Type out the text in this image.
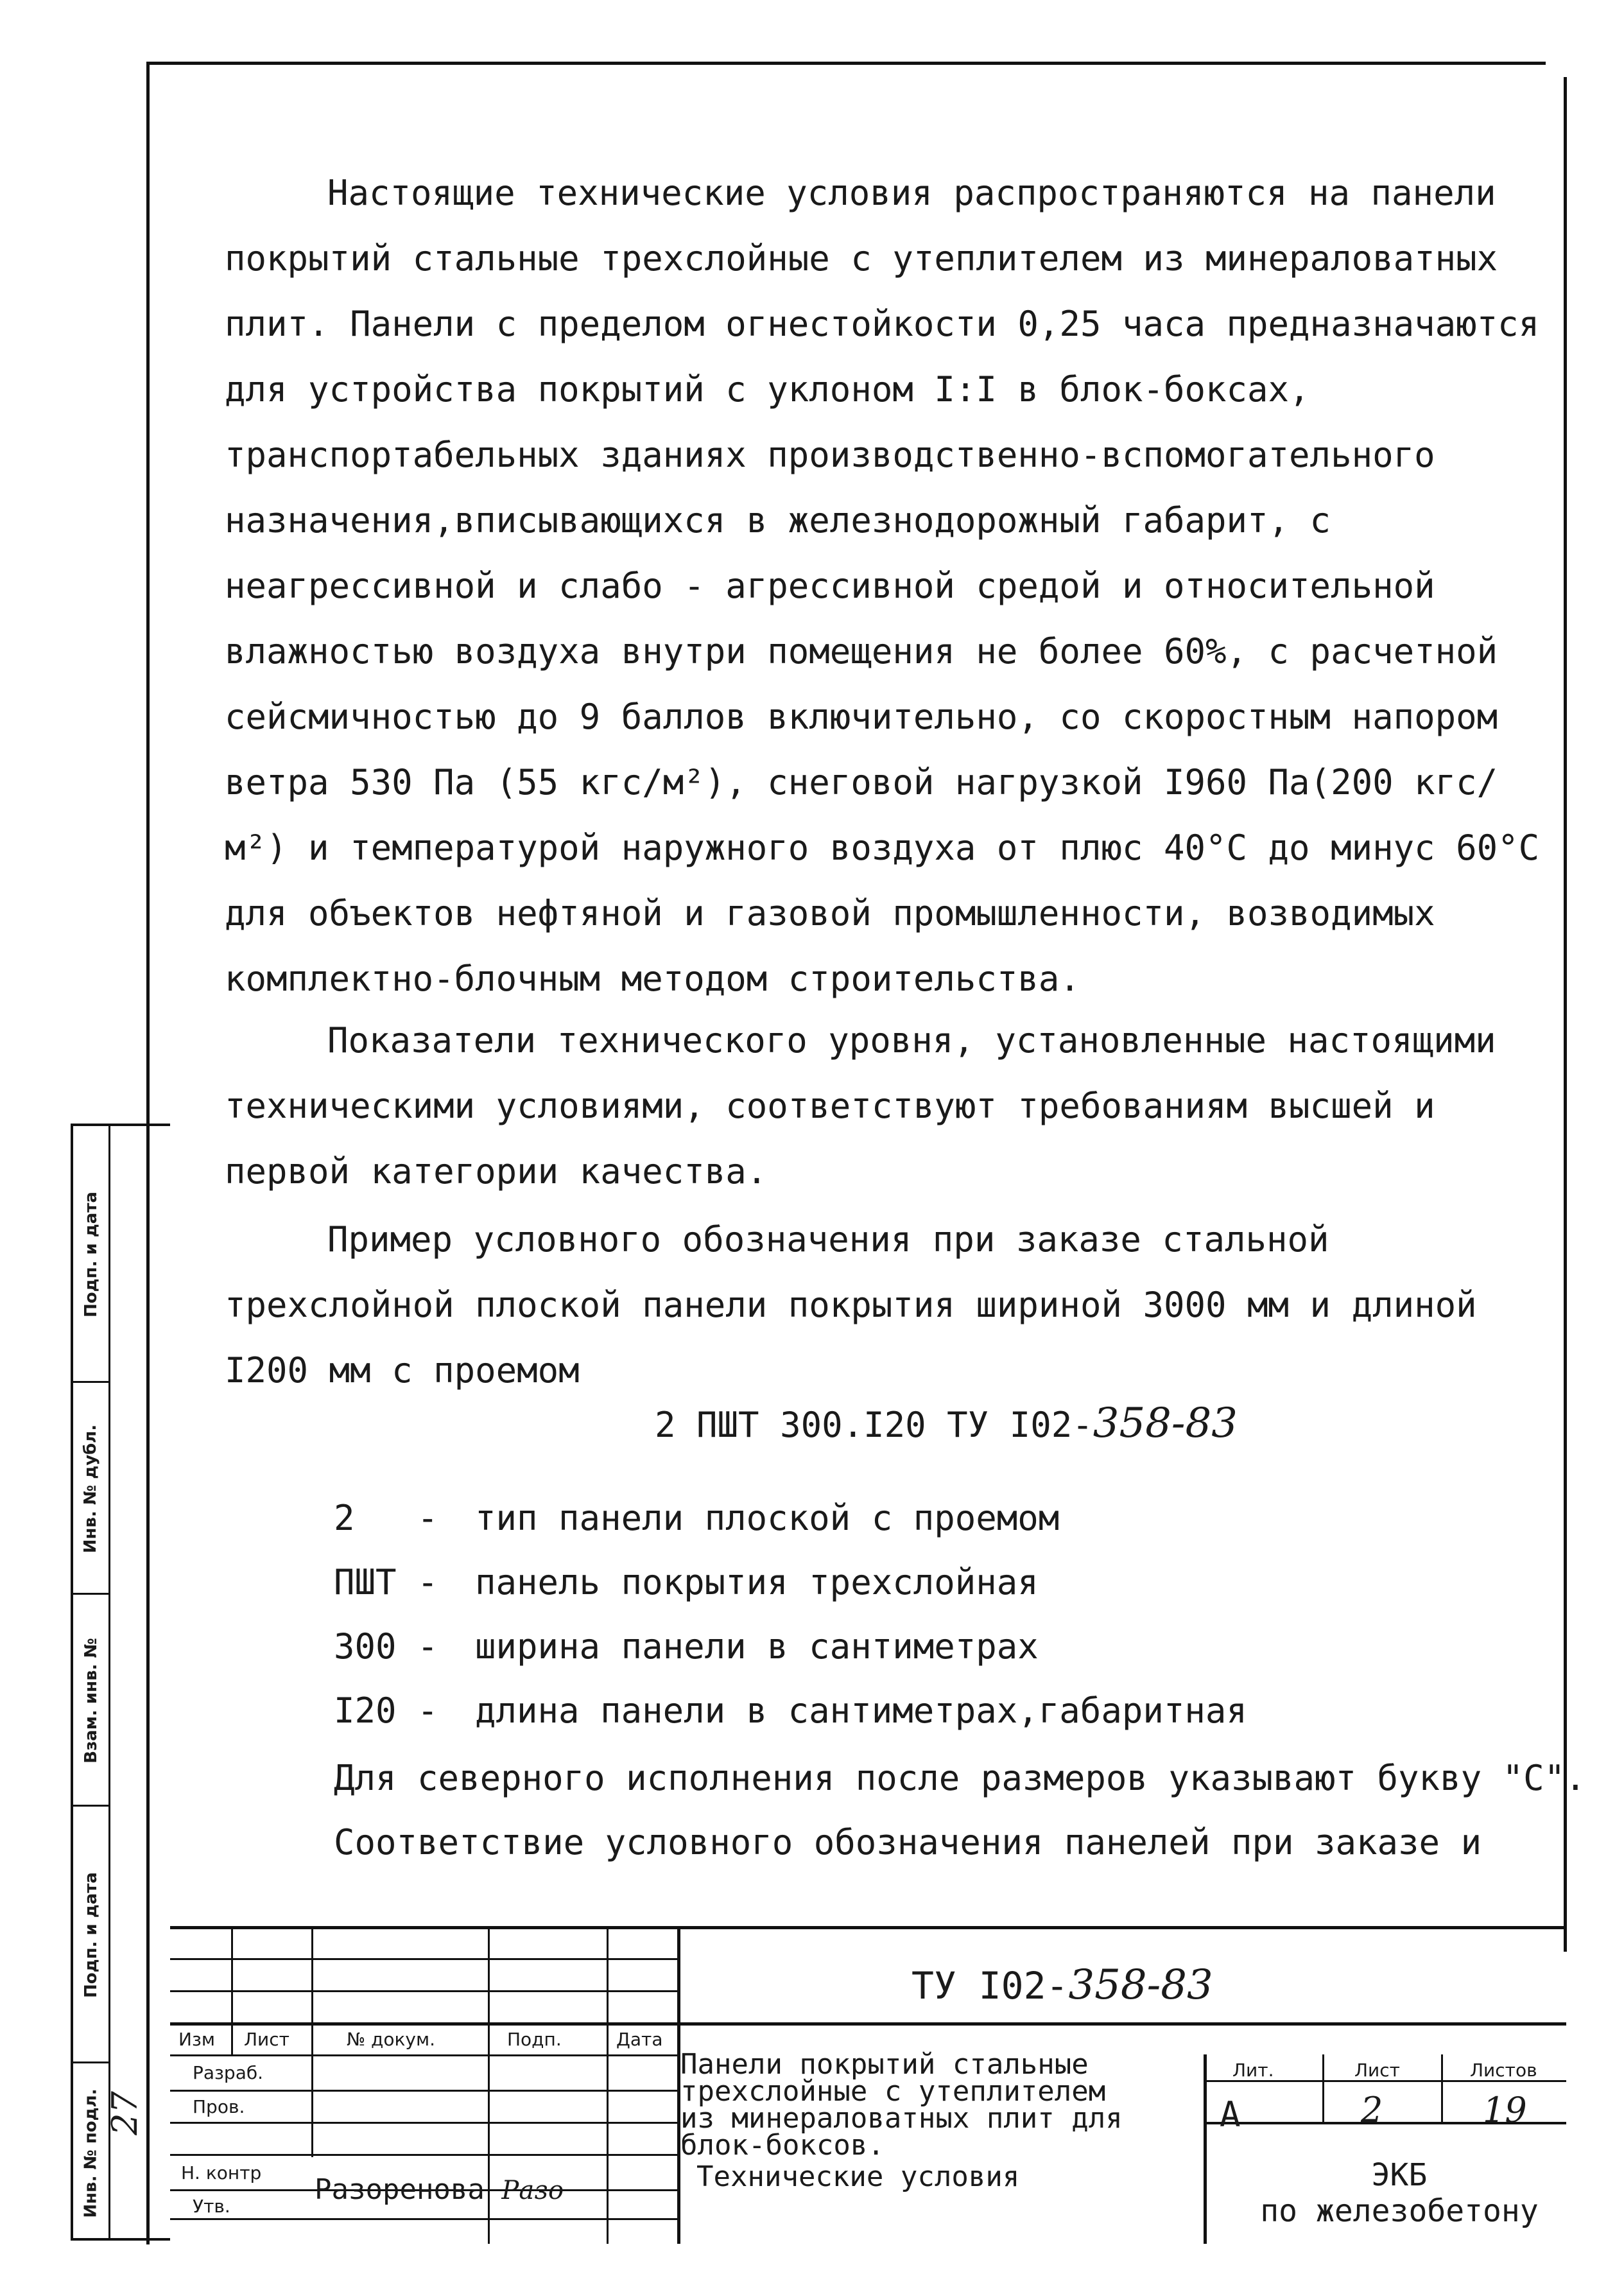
Настоящие технические условия распространяются на панели покрытий стальные трехслойные с утеплителем из минераловатных плит. Панели с пределом огнестойкости 0,25 часа предназначаются для устройства покрытий с уклоном I:I в блок-боксах, транспортабельных зданиях производственно-вспомогательного назначения,вписывающихся в железнодорожный габарит, с неагрессивной и слабо - агрессивной средой и относительной влажностью воздуха внутри помещения не более 60%, с расчетной сейсмичностью до 9 баллов включительно, со скоростным напором ветра 530 Па (55 кгс/м²), снеговой нагрузкой I960 Па(200 кгс/м²) и температурой наружного воздуха от плюс 40°С до минус 60°С для объектов нефтяной и газовой промышленности, возводимых комплектно-блочным методом строительства.

Показатели технического уровня, установленные настоящими техническими условиями, соответствуют требованиям высшей и первой категории качества.

Пример условного обозначения при заказе стальной трехслойной плоской панели покрытия шириной 3000 мм и длиной I200 мм с проемом

2 ПШТ 300.I20 ТУ I02-358-83
2 - тип панели плоской с проемом
ПШТ - панель покрытия трехслойная
300 - ширина панели в сантиметрах
I20 - длина панели в сантиметрах,габаритная
Для северного исполнения после размеров указывают букву "С".
Соответствие условного обозначения панелей при заказе и
Подп. и дата
Инв. № дубл.
Взам. инв. №
Подп. и дата
Инв. № подл. 27
ТУ I02-358-83
Изм Лист	№ докум.	Подп.	Дата
Разраб.
Пров.
Н. контр
Утв.
Разоренова Разо
Панели покрытий стальные
трехслойные с утеплителем
из минераловатных плит для
блок-боксов.
Технические условия
Лит.	Лист	Листов
А	2	19
ЭКБ
по железобетону
